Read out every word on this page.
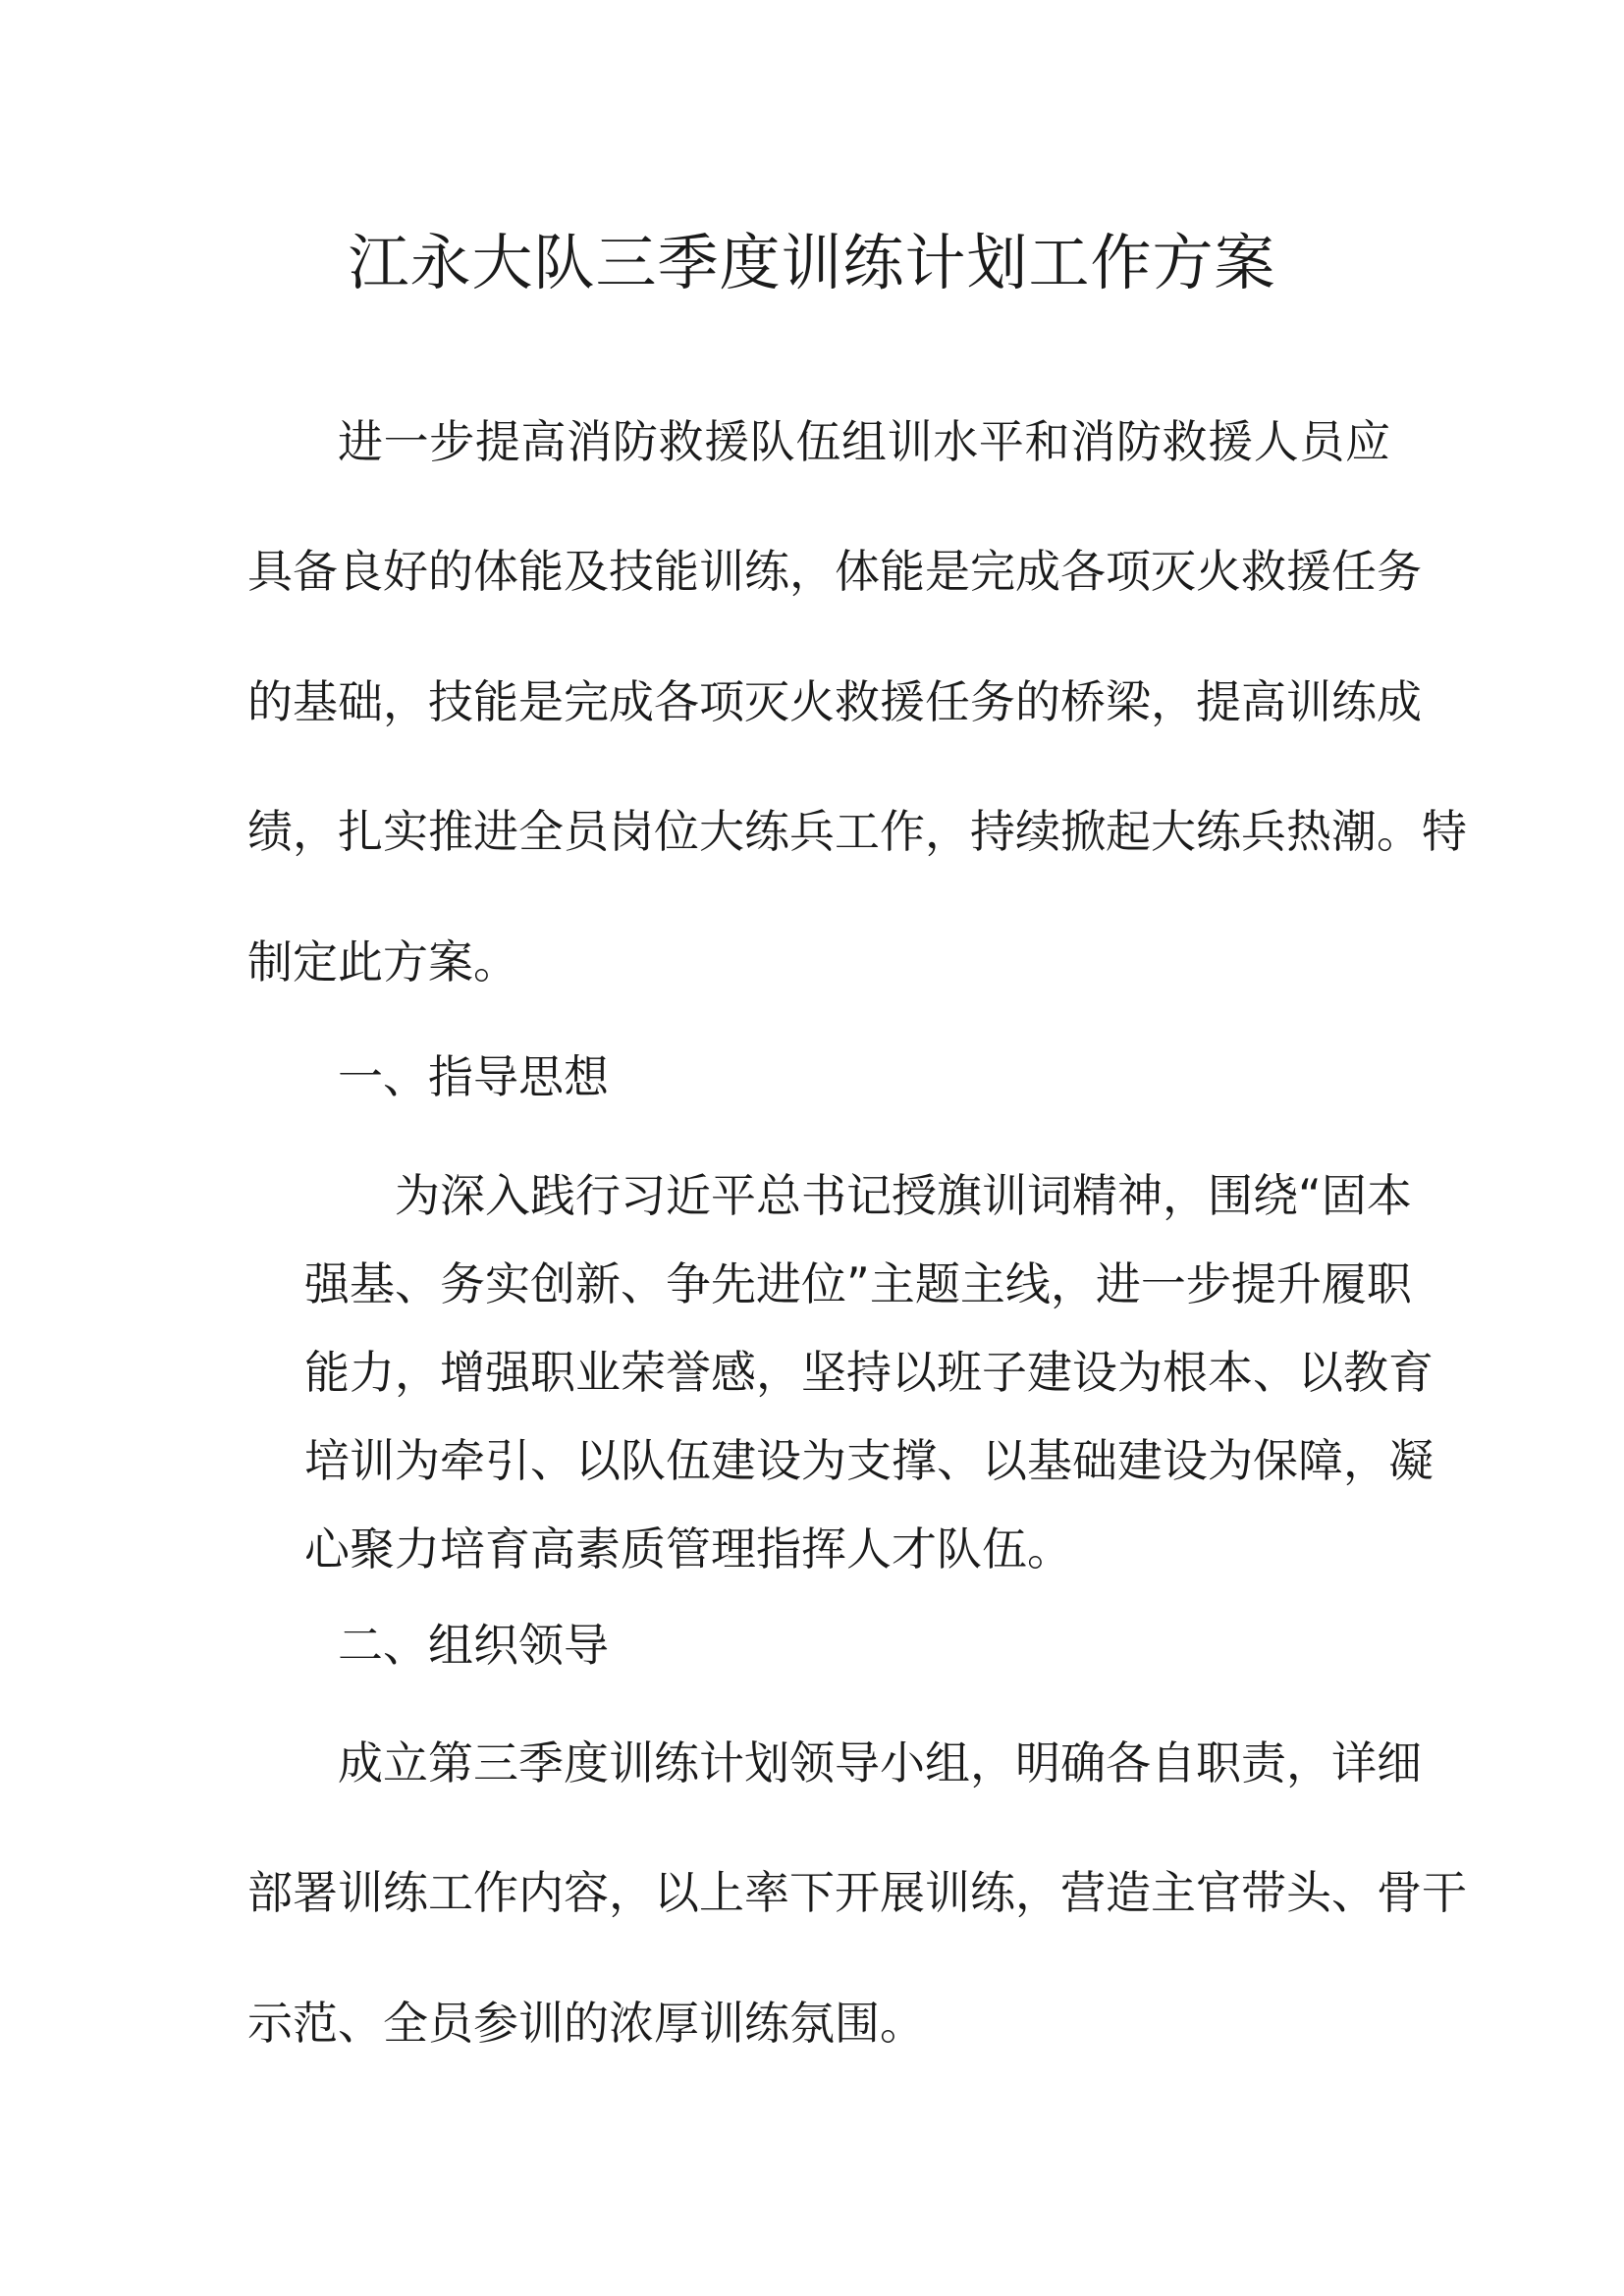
江永大队三季度训练计划工作方案

进一步提高消防救援队伍组训水平和消防救援人员应

具备良好的体能及技能训练，体能是完成各项灭火救援任务

的基础，技能是完成各项灭火救援任务的桥梁，提高训练成

绩，扎实推进全员岗位大练兵工作，持续掀起大练兵热潮。特

制定此方案。

一、指导思想

为深入践行习近平总书记授旗训词精神，围绕“固本

强基、务实创新、争先进位”主题主线，进一步提升履职

能力，增强职业荣誉感，坚持以班子建设为根本、以教育

培训为牵引、以队伍建设为支撑、以基础建设为保障，凝

心聚力培育高素质管理指挥人才队伍。

二、组织领导

成立第三季度训练计划领导小组，明确各自职责，详细

部署训练工作内容，以上率下开展训练，营造主官带头、骨干

示范、全员参训的浓厚训练氛围。
